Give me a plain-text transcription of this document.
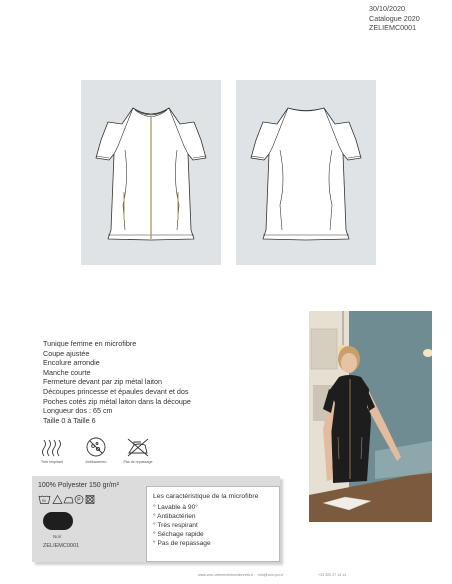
30/10/2020
Catalogue 2020
ZELIEMC0001
Tunique femme en microfibre
Coupe ajustée
Encolure arrondie
Manche courte
Fermeture devant par zip métal laiton
Découpes princesse et épaules devant et dos
Poches cotés zip métal laiton dans la découpe
Longueur dos : 65 cm
Taille 0 à Taille 6
Très respirant	Antibactérien	Pas de repassage
100% Polyester 150 gr/m²
90	P
Noir
ZELIEMC0001
Les caractéristique de la microfibre
° Lavable à 90°
° Antibactérien
° Très respirant
° Séchage rapide
° Pas de repassage
www.vcm-vetementsfonctionnels.fr info@vcm-pro.fr	+33 320 27 15 14
